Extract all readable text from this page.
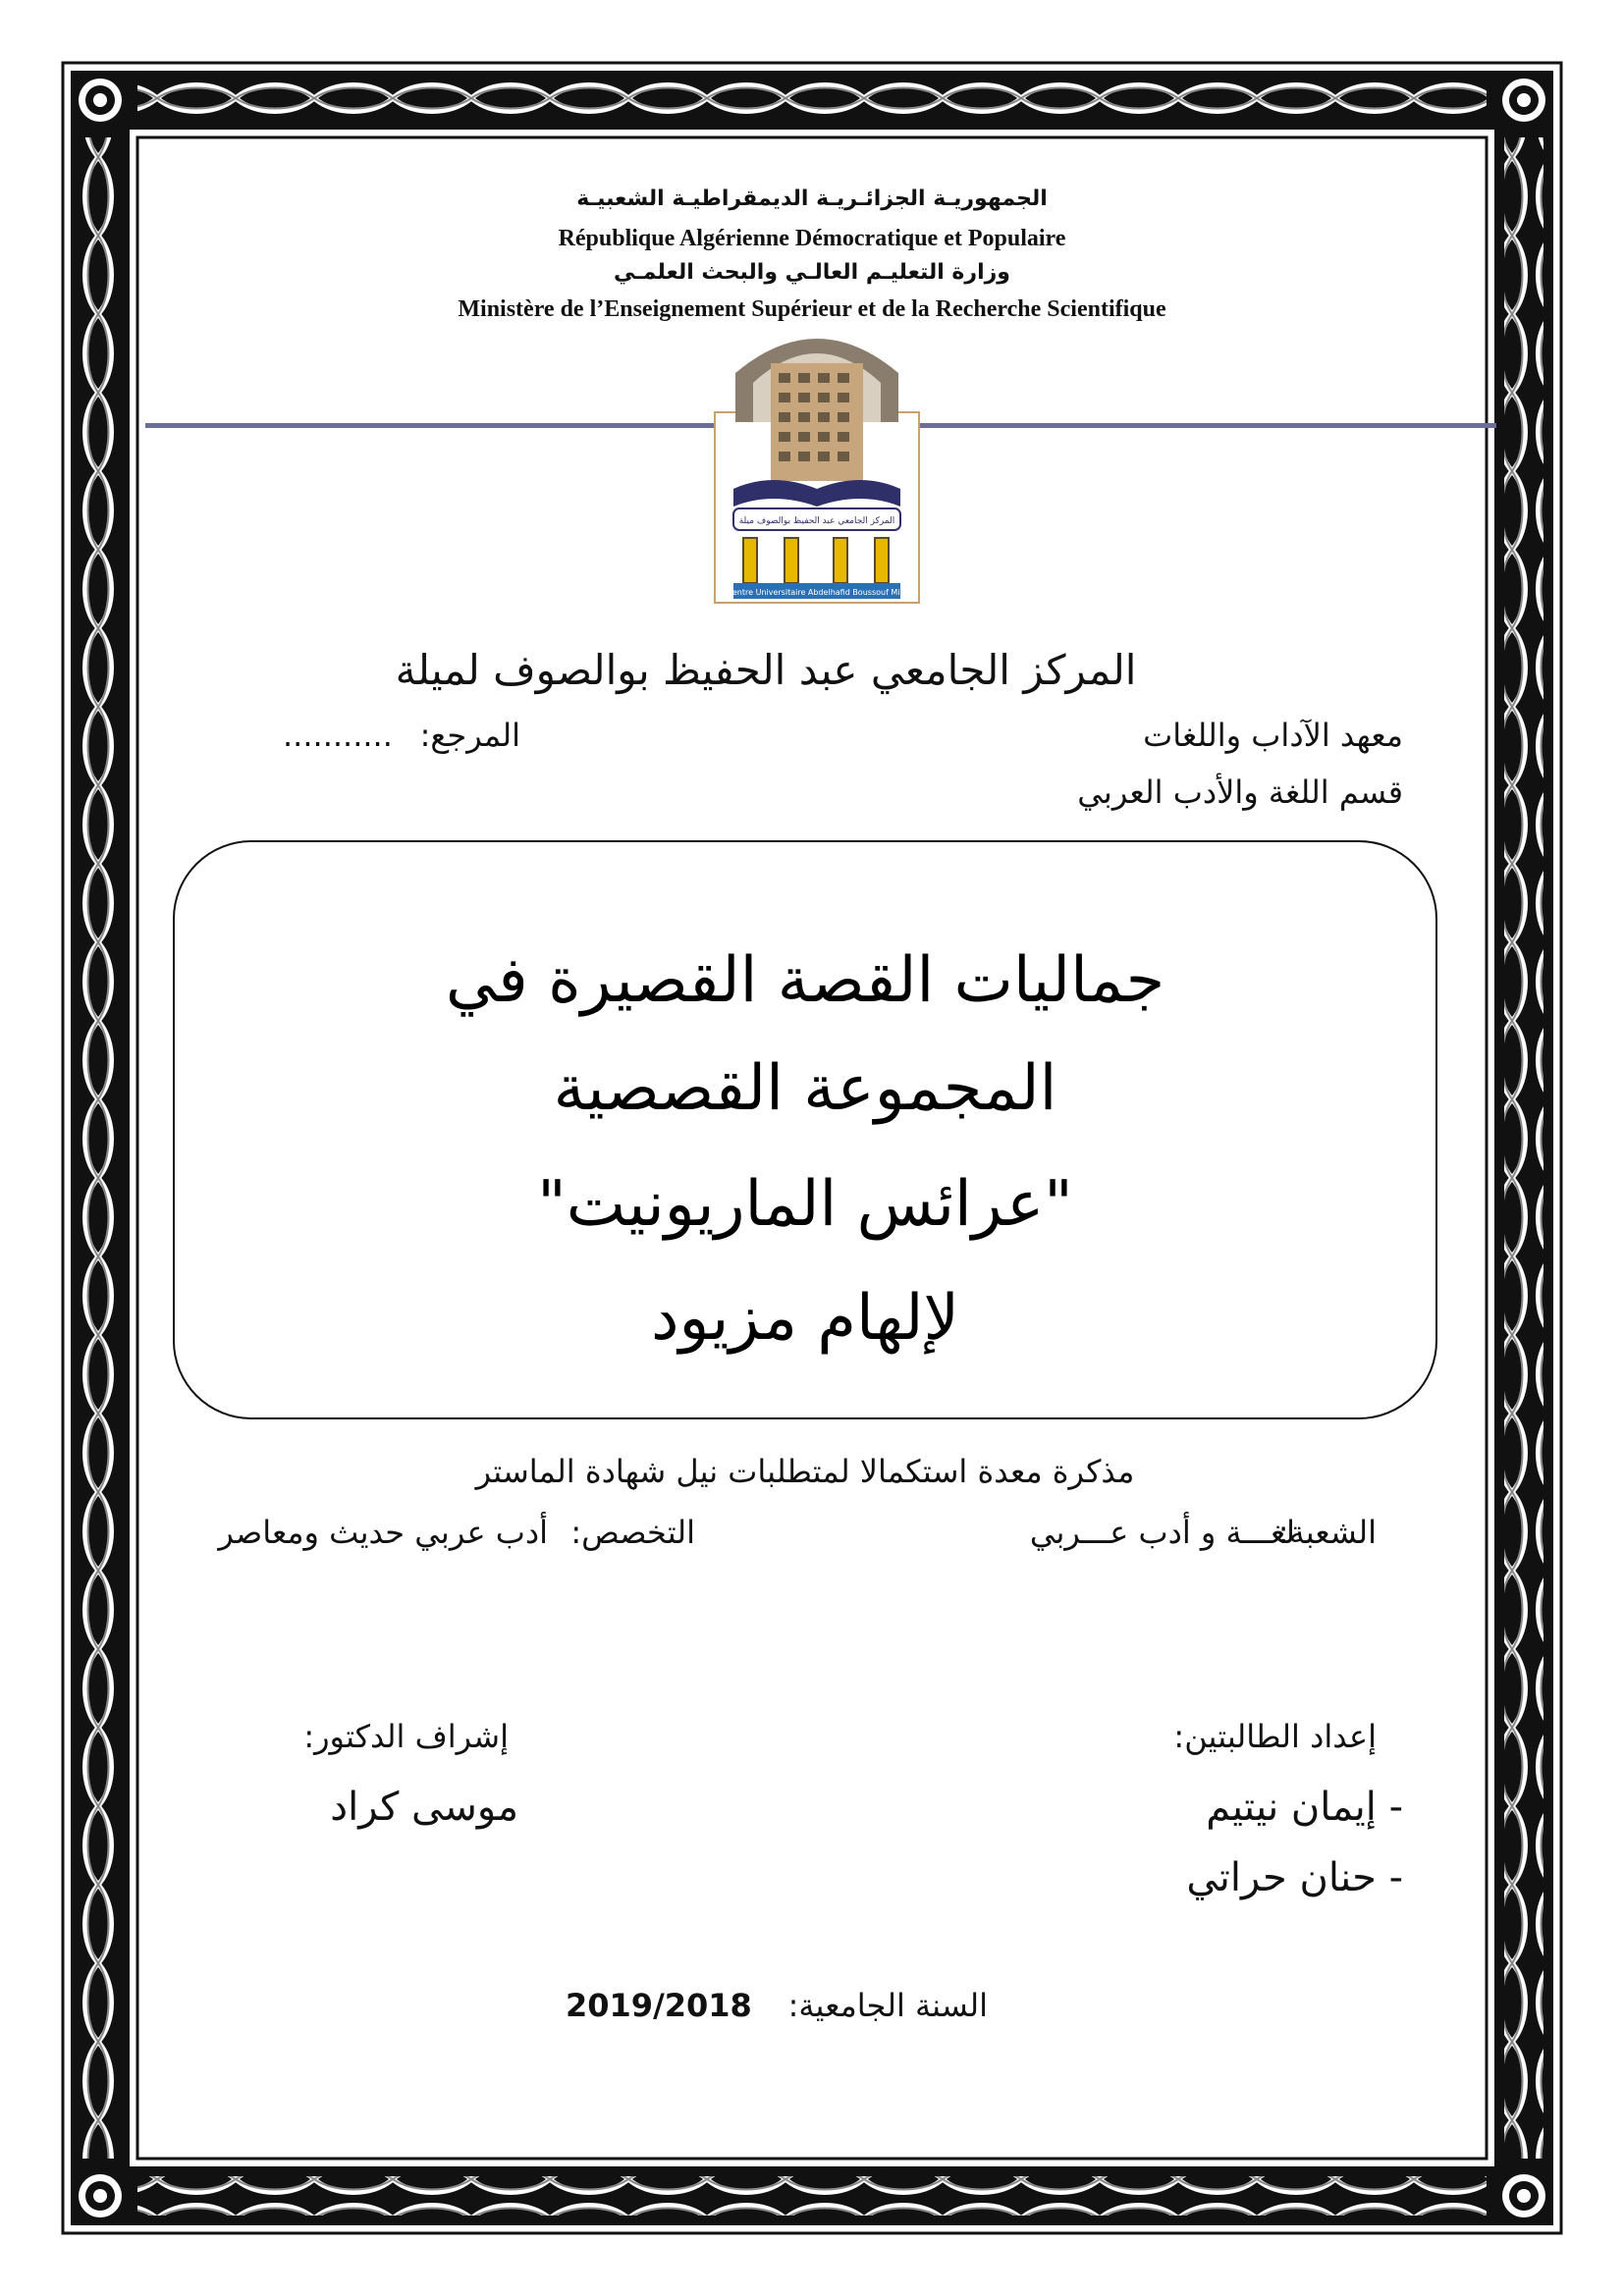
الجمهوريـة الجزائـريـة الديمقراطيـة الشعبيـة
République Algérienne Démocratique et Populaire
وزارة التعليـم العالـي والبحث العلمـي
Ministère de l’Enseignement Supérieur et de la Recherche Scientifique
المركز الجامعي عبد الحفيظ بوالصوف ميلة
Centre Universitaire Abdelhafid Boussouf Mila
المركز الجامعي عبد الحفيظ بوالصوف لميلة
معهد الآداب واللغات
المرجع:
...........
قسم اللغة والأدب العربي
جماليات القصة القصيرة في
المجموعة القصصية
"عرائس الماريونيت"
لإلهام مزيود
مذكرة معدة استكمالا لمتطلبات نيل شهادة الماستر
الشعبة:
لغـــة و أدب عـــربي
التخصص:
أدب عربي حديث ومعاصر
إعداد الطالبتين:
- إيمان نيتيم
- حنان حراتي
إشراف الدكتور:
موسى كراد
السنة الجامعية:
2019/2018
